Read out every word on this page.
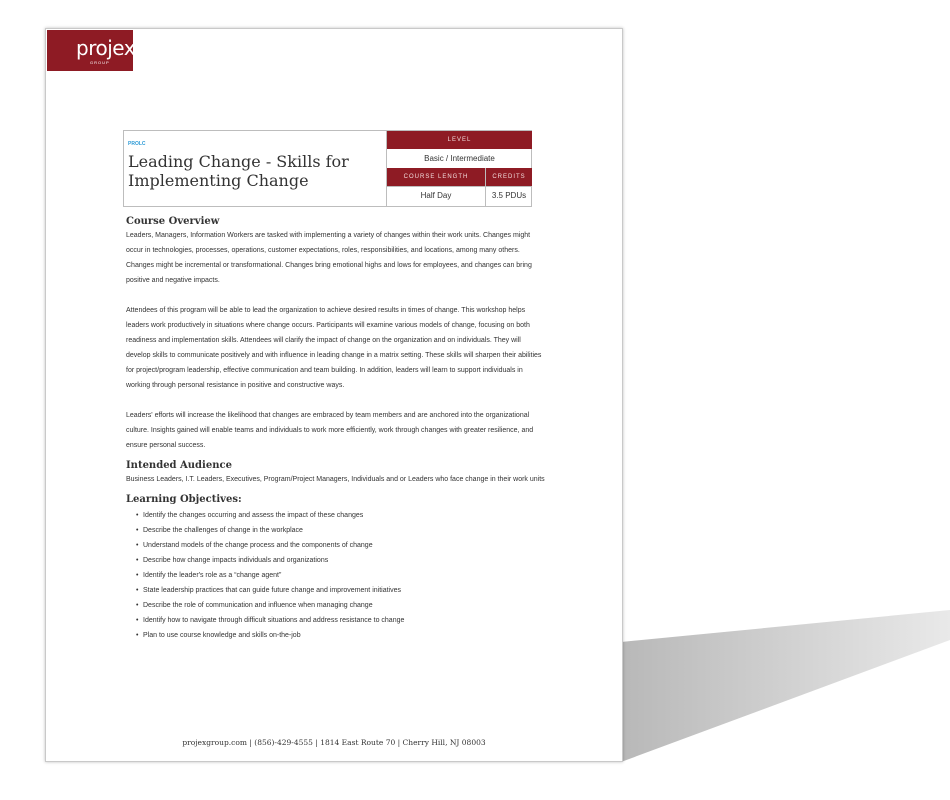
projex
GROUP
PROLC
Leading Change - Skills for Implementing Change
LEVEL
Basic / Intermediate
COURSE LENGTH	CREDITS
Half Day	3.5 PDUs
Course Overview

Leaders, Managers, Information Workers are tasked with implementing a variety of changes within their work units. Changes might occur in technologies, processes, operations, customer expectations, roles, responsibilities, and locations, among many others. Changes might be incremental or transformational. Changes bring emotional highs and lows for employees, and changes can bring positive and negative impacts.

Attendees of this program will be able to lead the organization to achieve desired results in times of change. This workshop helps leaders work productively in situations where change occurs. Participants will examine various models of change, focusing on both readiness and implementation skills. Attendees will clarify the impact of change on the organization and on individuals. They will develop skills to communicate positively and with influence in leading change in a matrix setting. These skills will sharpen their abilities for project/program leadership, effective communication and team building. In addition, leaders will learn to support individuals in working through personal resistance in positive and constructive ways.

Leaders' efforts will increase the likelihood that changes are embraced by team members and are anchored into the organizational culture. Insights gained will enable teams and individuals to work more efficiently, work through changes with greater resilience, and ensure personal success.

Intended Audience

Business Leaders, I.T. Leaders, Executives, Program/Project Managers, Individuals and or Leaders who face change in their work units

Learning Objectives:
• Identify the changes occurring and assess the impact of these changes
• Describe the challenges of change in the workplace
• Understand models of the change process and the components of change
• Describe how change impacts individuals and organizations
• Identify the leader's role as a “change agent”
• State leadership practices that can guide future change and improvement initiatives
• Describe the role of communication and influence when managing change
• Identify how to navigate through difficult situations and address resistance to change
• Plan to use course knowledge and skills on-the-job
projexgroup.com | (856)-429-4555 | 1814 East Route 70 | Cherry Hill, NJ 08003
